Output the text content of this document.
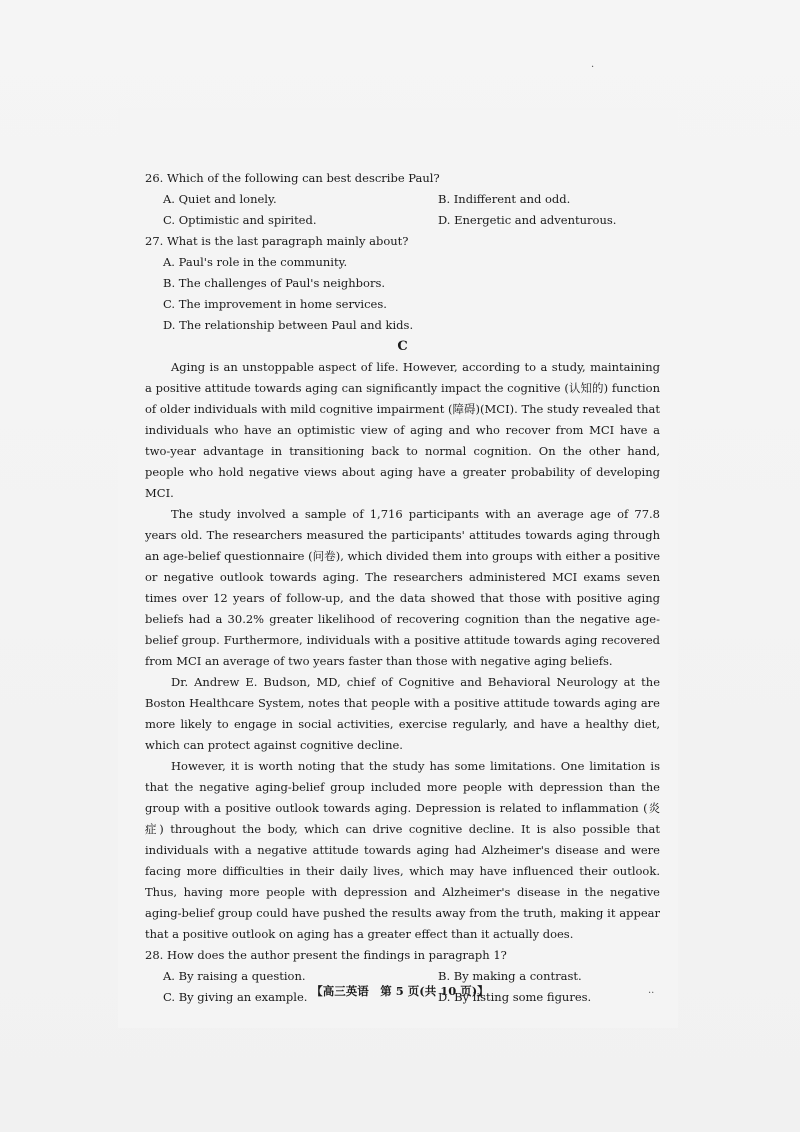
·

26. Which of the following can best describe Paul?

A. Quiet and lonely.	B. Indifferent and odd.

C. Optimistic and spirited.	D. Energetic and adventurous.

27. What is the last paragraph mainly about?

A. Paul's role in the community.

B. The challenges of Paul's neighbors.

C. The improvement in home services.

D. The relationship between Paul and kids.

C

Aging is an unstoppable aspect of life. However, according to a study, maintaining a positive attitude towards aging can significantly impact the cognitive (认知的) function of older individuals with mild cognitive impairment (障碍)(MCI). The study revealed that individuals who have an optimistic view of aging and who recover from MCI have a two-year advantage in transitioning back to normal cognition. On the other hand, people who hold negative views about aging have a greater probability of developing MCI.

The study involved a sample of 1,716 participants with an average age of 77.8 years old. The researchers measured the participants' attitudes towards aging through an age-belief questionnaire (问卷), which divided them into groups with either a positive or negative outlook towards aging. The researchers administered MCI exams seven times over 12 years of follow-up, and the data showed that those with positive aging beliefs had a 30.2% greater likelihood of recovering cognition than the negative age-belief group. Furthermore, individuals with a positive attitude towards aging recovered from MCI an average of two years faster than those with negative aging beliefs.

Dr. Andrew E. Budson, MD, chief of Cognitive and Behavioral Neurology at the Boston Healthcare System, notes that people with a positive attitude towards aging are more likely to engage in social activities, exercise regularly, and have a healthy diet, which can protect against cognitive decline.

However, it is worth noting that the study has some limitations. One limitation is that the negative aging-belief group included more people with depression than the group with a positive outlook towards aging. Depression is related to inflammation (炎症) throughout the body, which can drive cognitive decline. It is also possible that individuals with a negative attitude towards aging had Alzheimer's disease and were facing more difficulties in their daily lives, which may have influenced their outlook. Thus, having more people with depression and Alzheimer's disease in the negative aging-belief group could have pushed the results away from the truth, making it appear that a positive outlook on aging has a greater effect than it actually does.

28. How does the author present the findings in paragraph 1?

A. By raising a question.	B. By making a contrast.

C. By giving an example.	D. By listing some figures.

【高三英语　第 5 页(共 10 页)】	..
